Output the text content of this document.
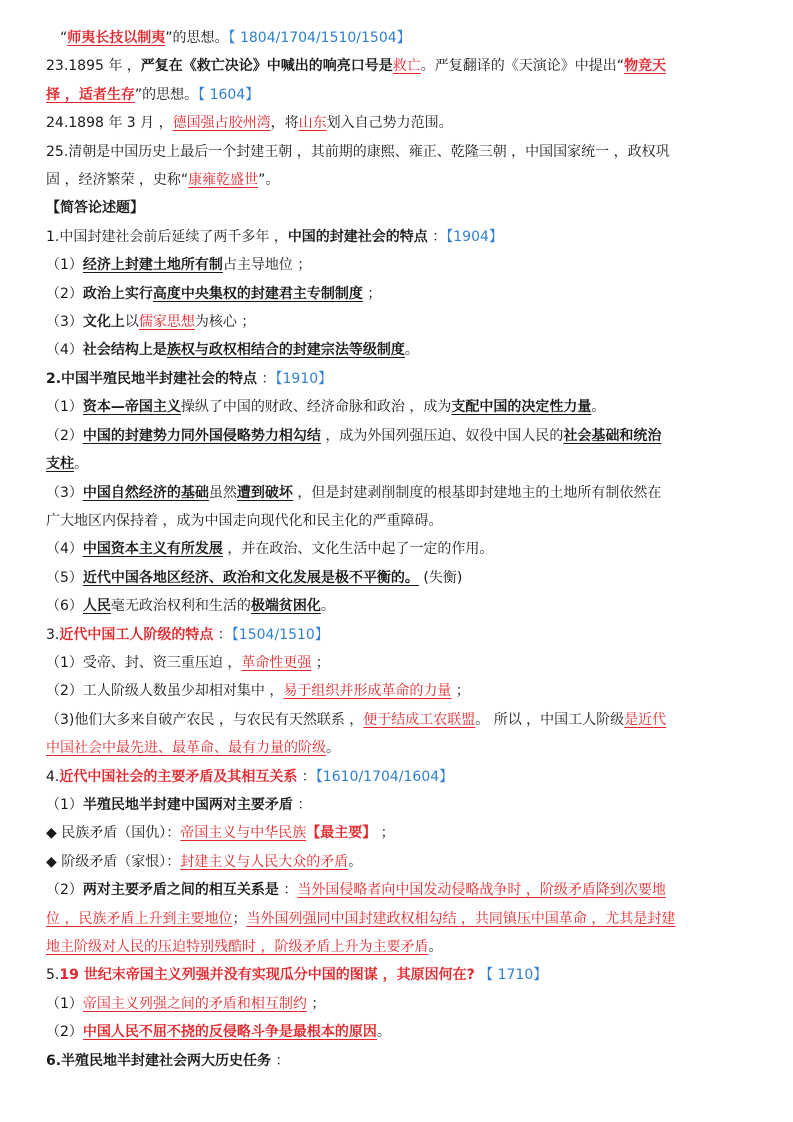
“师夷长技以制夷”的思想。【 1804/1704/1510/1504】
23.1895 年 ，严复在《救亡决论》中喊出的响亮口号是救亡。严复翻译的《天演论》中提出“物竞天
择 ，适者生存”的思想。【 1604】
24.1898 年 3 月 ，德国强占胶州湾，将山东划入自己势力范围。
25.清朝是中国历史上最后一个封建王朝 ，其前期的康熙、雍正、乾隆三朝 ，中国国家统一 ，政权巩
固 ，经济繁荣 ，史称“康雍乾盛世”。
【简答论述题】
1.中国封建社会前后延续了两千多年 ，中国的封建社会的特点 ：【1904】
（1）经济上封建土地所有制占主导地位 ；
（2）政治上实行高度中央集权的封建君主专制制度 ；
（3）文化上以儒家思想为核心 ；
（4）社会结构上是族权与政权相结合的封建宗法等级制度。
2.中国半殖民地半封建社会的特点 ：【1910】
（1）资本—帝国主义操纵了中国的财政、经济命脉和政治 ，成为支配中国的决定性力量。
（2）中国的封建势力同外国侵略势力相勾结 ，成为外国列强压迫、奴役中国人民的社会基础和统治
支柱。
（3）中国自然经济的基础虽然遭到破坏 ，但是封建剥削制度的根基即封建地主的土地所有制依然在
广大地区内保持着 ，成为中国走向现代化和民主化的严重障碍。
（4）中国资本主义有所发展 ，并在政治、文化生活中起了一定的作用。
（5）近代中国各地区经济、政治和文化发展是极不平衡的。 (失衡)
（6）人民毫无政治权利和生活的极端贫困化。
3.近代中国工人阶级的特点 ：【1504/1510】
（1）受帝、封、资三重压迫 ，革命性更强 ；
（2）工人阶级人数虽少却相对集中 ，易于组织并形成革命的力量 ；
（3)他们大多来自破产农民 ，与农民有天然联系 ，便于结成工农联盟。 所以 ，中国工人阶级是近代
中国社会中最先进、最革命、最有力量的阶级。
4.近代中国社会的主要矛盾及其相互关系 ：【1610/1704/1604】
（1）半殖民地半封建中国两对主要矛盾 ：
◆ 民族矛盾（国仇）：帝国主义与中华民族【最主要】 ；
◆ 阶级矛盾（家恨）：封建主义与人民大众的矛盾。
（2）两对主要矛盾之间的相互关系是 ：当外国侵略者向中国发动侵略战争时 ，阶级矛盾降到次要地
位 ，民族矛盾上升到主要地位；当外国列强同中国封建政权相勾结 ，共同镇压中国革命 ，尤其是封建
地主阶级对人民的压迫特别残酷时 ，阶级矛盾上升为主要矛盾。
5.19 世纪末帝国主义列强并没有实现瓜分中国的图谋 ，其原因何在? 【 1710】
（1）帝国主义列强之间的矛盾和相互制约 ；
（2）中国人民不屈不挠的反侵略斗争是最根本的原因。
6.半殖民地半封建社会两大历史任务 ：
